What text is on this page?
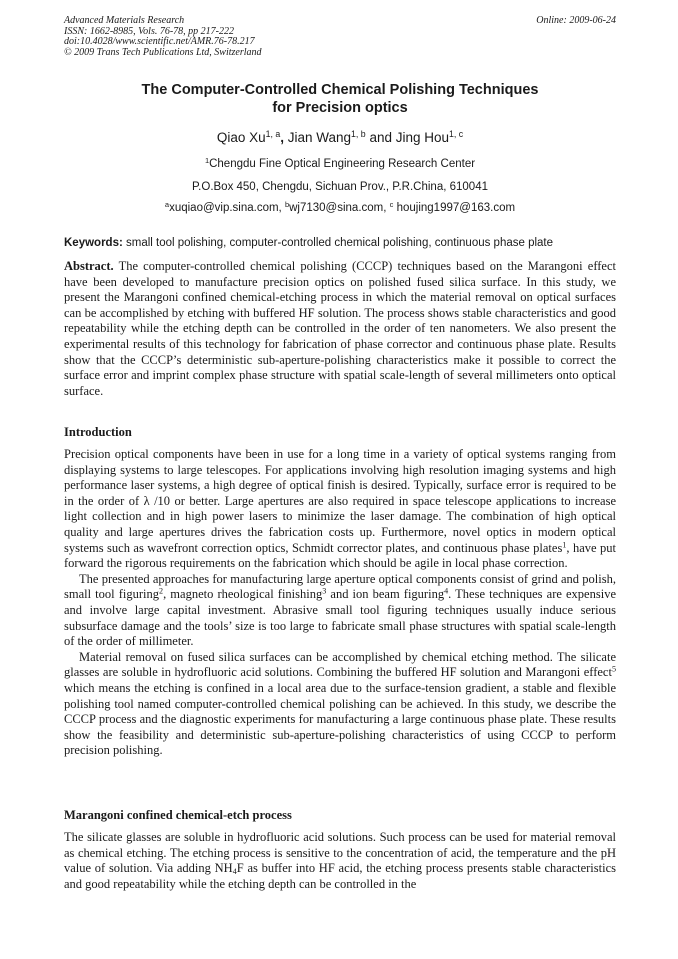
Advanced Materials Research
ISSN: 1662-8985, Vols. 76-78, pp 217-222
doi:10.4028/www.scientific.net/AMR.76-78.217
© 2009 Trans Tech Publications Ltd, Switzerland
Online: 2009-06-24
The Computer-Controlled Chemical Polishing Techniques
for Precision optics
Qiao Xu$^{1, a}$, Jian Wang$^{1, b}$ and Jing Hou$^{1, c}$
$^1$Chengdu Fine Optical Engineering Research Center
P.O.Box 450, Chengdu, Sichuan Prov., P.R.China, 610041
$^a$xuqiao@vip.sina.com, $^b$wj7130@sina.com, $^c$ houjing1997@163.com
Keywords: small tool polishing, computer-controlled chemical polishing, continuous phase plate

Abstract. The computer-controlled chemical polishing (CCCP) techniques based on the Marangoni effect have been developed to manufacture precision optics on polished fused silica surface. In this study, we present the Marangoni confined chemical-etching process in which the material removal on optical surfaces can be accomplished by etching with buffered HF solution. The process shows stable characteristics and good repeatability while the etching depth can be controlled in the order of ten nanometers. We also present the experimental results of this technology for fabrication of phase corrector and continuous phase plate. Results show that the CCCP’s deterministic sub-aperture-polishing characteristics make it possible to correct the surface error and imprint complex phase structure with spatial scale-length of several millimeters onto optical surface.

Introduction

Precision optical components have been in use for a long time in a variety of optical systems ranging from displaying systems to large telescopes. For applications involving high resolution imaging systems and high performance laser systems, a high degree of optical finish is desired. Typically, surface error is required to be in the order of λ /10 or better. Large apertures are also required in space telescope applications to increase light collection and in high power lasers to minimize the laser damage. The combination of high optical quality and large apertures drives the fabrication costs up. Furthermore, novel optics in modern optical systems such as wavefront correction optics, Schmidt corrector plates, and continuous phase plates$^1$, have put forward the rigorous requirements on the fabrication which should be agile in local phase correction.

The presented approaches for manufacturing large aperture optical components consist of grind and polish, small tool figuring$^2$, magneto rheological finishing$^3$ and ion beam figuring$^4$. These techniques are expensive and involve large capital investment. Abrasive small tool figuring techniques usually induce serious subsurface damage and the tools’ size is too large to fabricate small phase structures with spatial scale-length of the order of millimeter.

Material removal on fused silica surfaces can be accomplished by chemical etching method. The silicate glasses are soluble in hydrofluoric acid solutions. Combining the buffered HF solution and Marangoni effect$^5$ which means the etching is confined in a local area due to the surface-tension gradient, a stable and flexible polishing tool named computer-controlled chemical polishing can be achieved. In this study, we describe the CCCP process and the diagnostic experiments for manufacturing a large continuous phase plate. These results show the feasibility and deterministic sub-aperture-polishing characteristics of using CCCP to perform precision polishing.

Marangoni confined chemical-etch process

The silicate glasses are soluble in hydrofluoric acid solutions. Such process can be used for material removal as chemical etching. The etching process is sensitive to the concentration of acid, the temperature and the pH value of solution. Via adding NH4F as buffer into HF acid, the etching process presents stable characteristics and good repeatability while the etching depth can be controlled in the
